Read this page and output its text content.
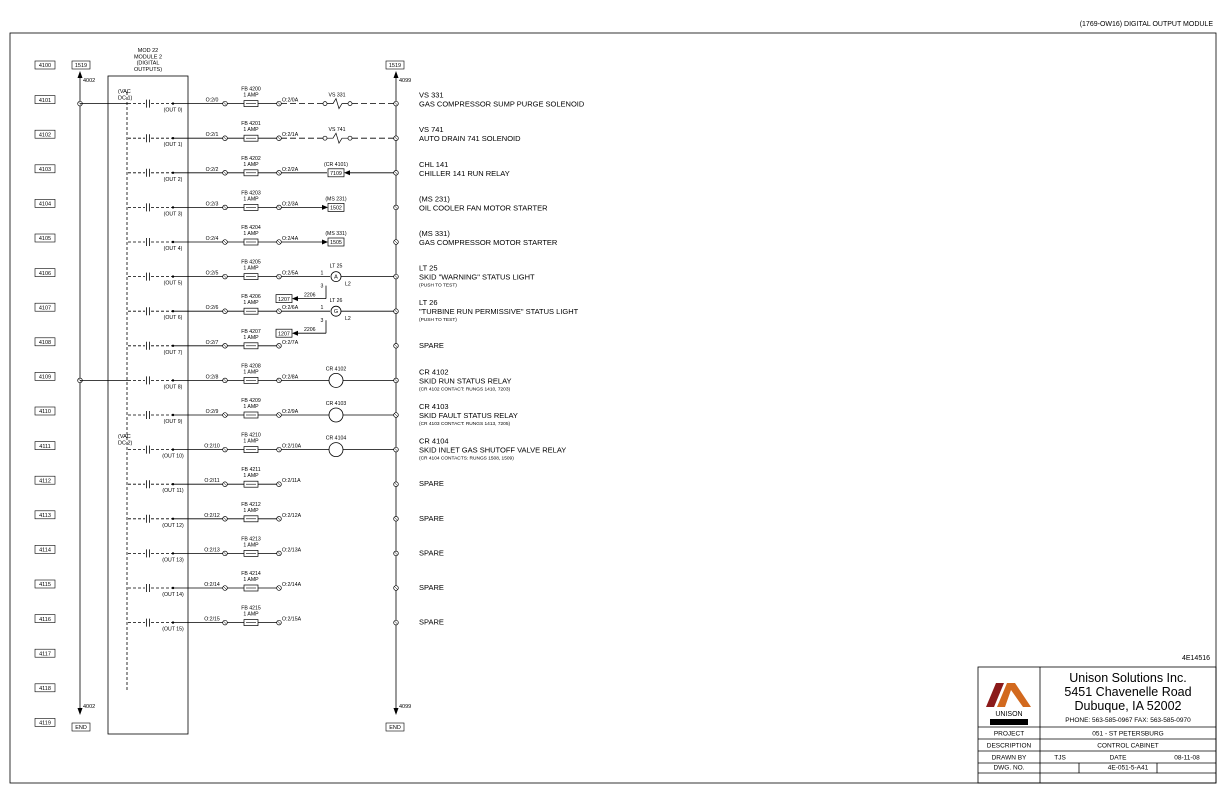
(1769-OW16) DIGITAL OUTPUT MODULE
4100
4101
4102
4103
4104
4105
4106
4107
4108
4109
4110
4111
4112
4113
4114
4115
4116
4117
4118
4119
1519
4002
4002
END
1519
4099
4099
END
MOD 22
MODULE 2
(DIGITAL
OUTPUTS)
(VAC
DC 1)
(VAC
DC 2)
(OUT 0)
O:2/0
FB 4200
1 AMP
O:2/0A
VS 331	VS 331
GAS COMPRESSOR SUMP PURGE SOLENOID
(OUT 1)
O:2/1
FB 4201
1 AMP
O:2/1A
VS 741	VS 741
AUTO DRAIN 741 SOLENOID
(OUT 2)
O:2/2
FB 4202
1 AMP
O:2/2A
7109
(CR 4101)	CHL 141
CHILLER 141 RUN RELAY
(OUT 3)
O:2/3
FB 4203
1 AMP
O:2/3A
1502
(MS 231)	(MS 231)
OIL COOLER FAN MOTOR STARTER
(OUT 4)
O:2/4
FB 4204
1 AMP
O:2/4A
1505
(MS 331)	(MS 331)
GAS COMPRESSOR MOTOR STARTER
(OUT 5)
O:2/5
FB 4205
1 AMP
O:2/5A
A
LT 25
1
3	L2
1207
2206
LT 25
SKID "WARNING" STATUS LIGHT
(PUSH TO TEST)
(OUT 6)
O:2/6
FB 4206
1 AMP
O:2/6A
G
LT 26
1
3	L2
1207
2206
LT 26
"TURBINE RUN PERMISSIVE" STATUS LIGHT
(PUSH TO TEST)
(OUT 7)
O:2/7
FB 4207
1 AMP
O:2/7A	SPARE
(OUT 8)
O:2/8
FB 4208
1 AMP
O:2/8A
CR 4102	CR 4102
SKID RUN STATUS RELAY
(CR 4102 CONTACT: RUNGS 1410, 7203)
(OUT 9)
O:2/9
FB 4209
1 AMP
O:2/9A
CR 4103	CR 4103
SKID FAULT STATUS RELAY
(CR 4103 CONTACT: RUNGS 1413, 7205)
(OUT 10)
O:2/10
FB 4210
1 AMP
O:2/10A
CR 4104	CR 4104
SKID INLET GAS SHUTOFF VALVE RELAY
(CR 4104 CONTACTS: RUNGS 1508, 1509)
(OUT 11)
O:2/11
FB 4211
1 AMP
O:2/11A	SPARE
(OUT 12)
O:2/12
FB 4212
1 AMP
O:2/12A	SPARE
(OUT 13)
O:2/13
FB 4213
1 AMP
O:2/13A	SPARE
(OUT 14)
O:2/14
FB 4214
1 AMP
O:2/14A	SPARE
(OUT 15)
O:2/15
FB 4215
1 AMP
O:2/15A	SPARE
4E14516
UNISON
SOLUTIONS
Unison Solutions Inc.
5451 Chavenelle Road
Dubuque, IA 52002
PHONE: 563-585-0967 FAX: 563-585-0970
PROJECT	051 - ST PETERSBURG
DESCRIPTION	CONTROL CABINET
DRAWN BY	TJS	DATE	08-11-08
DWG. NO.	4E-051-5-A41
